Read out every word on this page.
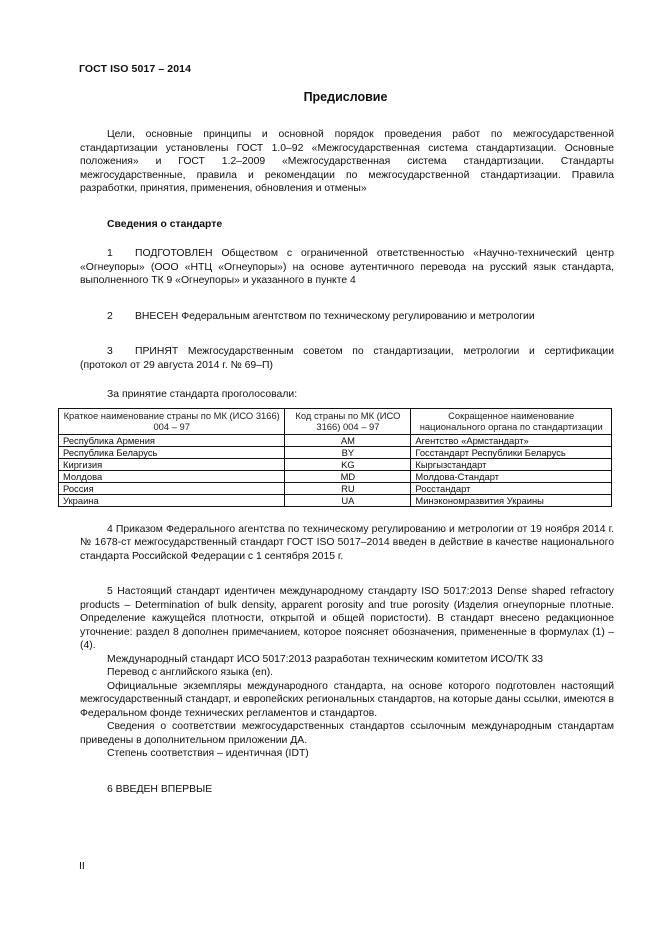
ГОСТ ISO 5017 – 2014
Предисловие

Цели, основные принципы и основной порядок проведения работ по межгосударственной стандартизации установлены ГОСТ 1.0–92 «Межгосударственная система стандартизации. Основные положения» и ГОСТ 1.2–2009 «Межгосударственная система стандартизации. Стандарты межгосударственные, правила и рекомендации по межгосударственной стандартизации. Правила разработки, принятия, применения, обновления и отмены»

Сведения о стандарте

1 ПОДГОТОВЛЕН Обществом с ограниченной ответственностью «Научно-технический центр «Огнеупоры» (ООО «НТЦ «Огнеупоры») на основе аутентичного перевода на русский язык стандарта, выполненного ТК 9 «Огнеупоры» и указанного в пункте 4

2 ВНЕСЕН Федеральным агентством по техническому регулированию и метрологии

3 ПРИНЯТ Межгосударственным советом по стандартизации, метрологии и сертификации (протокол от 29 августа 2014 г. № 69–П)

За принятие стандарта проголосовали:

Краткое наименование страны по МК (ИСО 3166) 004 – 97	Код страны по МК (ИСО 3166) 004 – 97	Сокращенное наименование национального органа по стандартизации
Республика Армения	AM	Агентство «Армстандарт»
Республика Беларусь	BY	Госстандарт Республики Беларусь
Киргизия	KG	Кыргызстандарт
Молдова	MD	Молдова-Стандарт
Россия	RU	Росстандарт
Украина	UA	Минэкономразвития Украины

4 Приказом Федерального агентства по техническому регулированию и метрологии от 19 ноября 2014 г. № 1678-ст межгосударственный стандарт ГОСТ ISO 5017–2014 введен в действие в качестве национального стандарта Российской Федерации с 1 сентября 2015 г.

5 Настоящий стандарт идентичен международному стандарту ISO 5017:2013 Dense shaped refractory products – Determination of bulk density, apparent porosity and true porosity (Изделия огнеупорные плотные. Определение кажущейся плотности, открытой и общей пористости). В стандарт внесено редакционное уточнение: раздел 8 дополнен примечанием, которое поясняет обозначения, примененные в формулах (1) – (4).

Международный стандарт ИСО 5017:2013 разработан техническим комитетом ИСО/ТК 33

Перевод с английского языка (en).

Официальные экземпляры международного стандарта, на основе которого подготовлен настоящий межгосударственный стандарт, и европейских региональных стандартов, на которые даны ссылки, имеются в Федеральном фонде технических регламентов и стандартов.

Сведения о соответствии межгосударственных стандартов ссылочным международным стандартам приведены в дополнительном приложении ДА.

Степень соответствия – идентичная (IDT)

6 ВВЕДЕН ВПЕРВЫЕ

II
